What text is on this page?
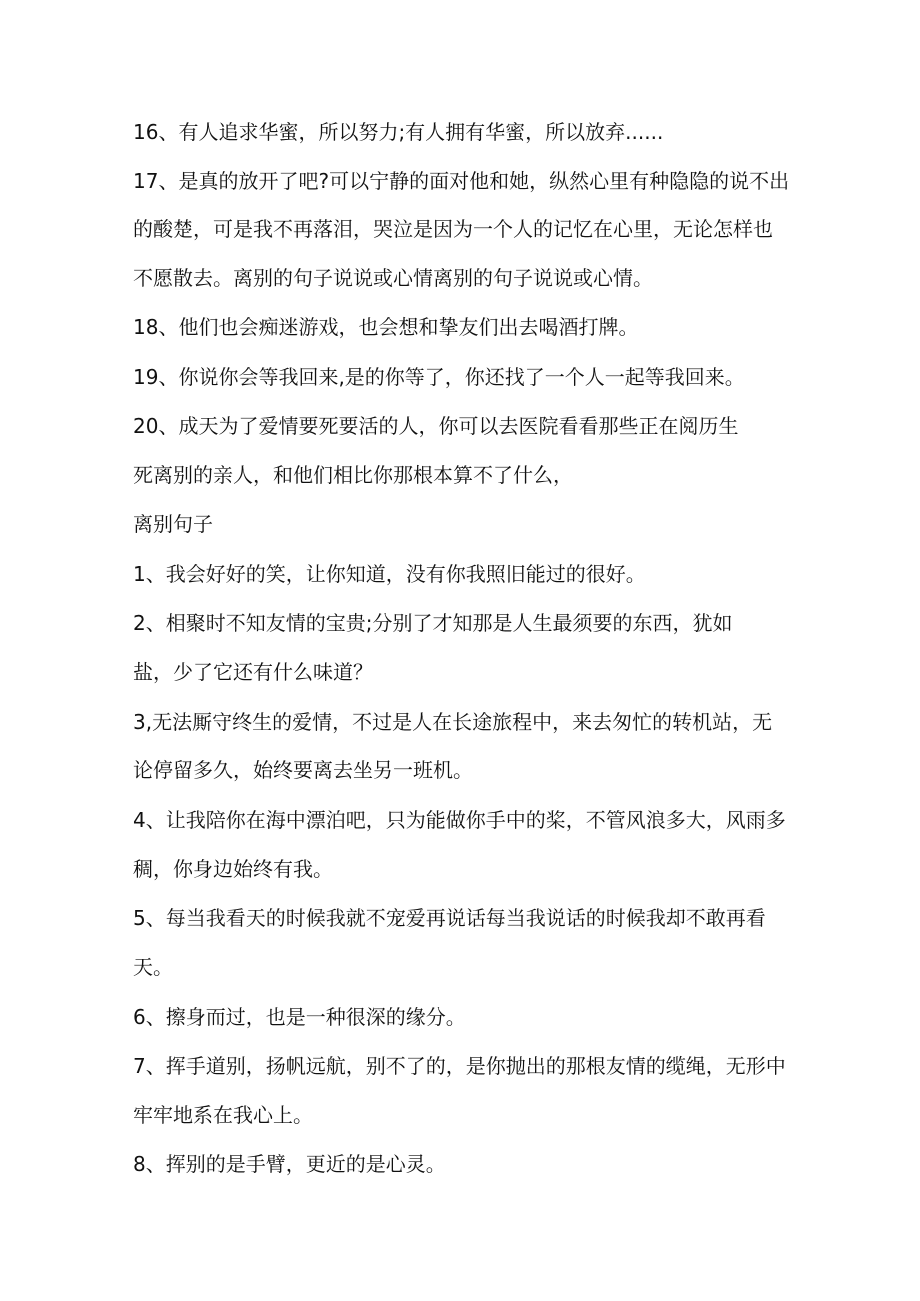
16、有人追求华蜜，所以努力;有人拥有华蜜，所以放弃......
17、是真的放开了吧?可以宁静的面对他和她，纵然心里有种隐隐的说不出
的酸楚，可是我不再落泪，哭泣是因为一个人的记忆在心里，无论怎样也
不愿散去。离别的句子说说或心情离别的句子说说或心情。
18、他们也会痴迷游戏，也会想和挚友们出去喝酒打牌。
19、你说你会等我回来,是的你等了，你还找了一个人一起等我回来。
20、成天为了爱情要死要活的人，你可以去医院看看那些正在阅历生
死离别的亲人，和他们相比你那根本算不了什么，
离别句子
1、我会好好的笑，让你知道，没有你我照旧能过的很好。
2、相聚时不知友情的宝贵;分别了才知那是人生最须要的东西，犹如
盐，少了它还有什么味道？
3,无法厮守终生的爱情，不过是人在长途旅程中，来去匆忙的转机站，无
论停留多久，始终要离去坐另一班机。
4、让我陪你在海中漂泊吧，只为能做你手中的桨，不管风浪多大，风雨多
稠，你身边始终有我。
5、每当我看天的时候我就不宠爱再说话每当我说话的时候我却不敢再看
天。
6、擦身而过，也是一种很深的缘分。
7、挥手道别，扬帆远航，别不了的，是你抛出的那根友情的缆绳，无形中
牢牢地系在我心上。
8、挥别的是手臂，更近的是心灵。
